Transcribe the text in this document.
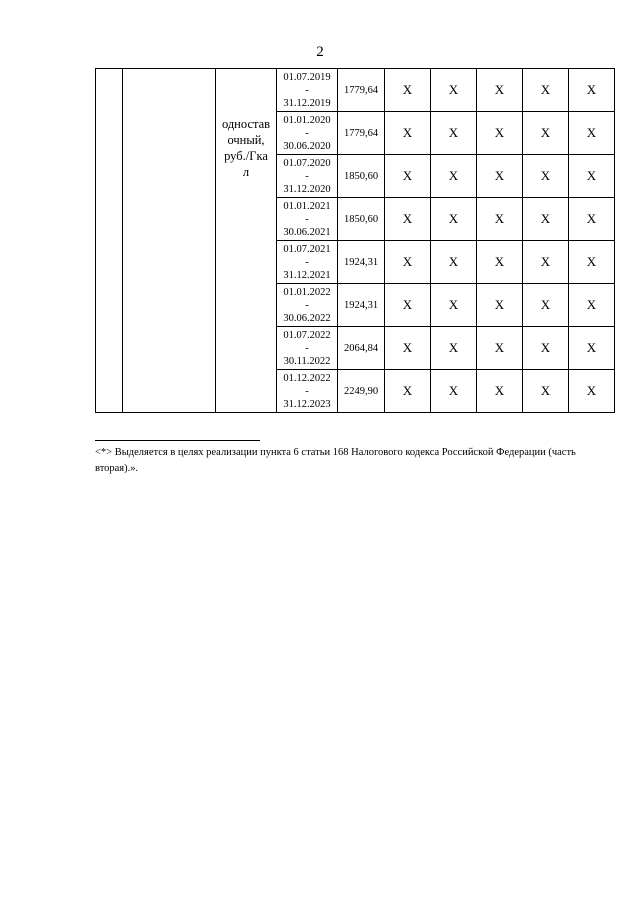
2

		одностав
очный,
руб./Гка
л	01.07.2019
-
31.12.2019	1779,64	X	X	X	X	X

			01.01.2020
-
30.06.2020	1779,64	X	X	X	X	X

			01.07.2020
-
31.12.2020	1850,60	X	X	X	X	X

			01.01.2021
-
30.06.2021	1850,60	X	X	X	X	X

			01.07.2021
-
31.12.2021	1924,31	X	X	X	X	X

			01.01.2022
-
30.06.2022	1924,31	X	X	X	X	X

			01.07.2022
-
30.11.2022	2064,84	X	X	X	X	X

			01.12.2022
-
31.12.2023	2249,90	X	X	X	X	X
<*> Выделяется в целях реализации пункта 6 статьи 168 Налогового кодекса Российской Федерации (часть вторая).».
